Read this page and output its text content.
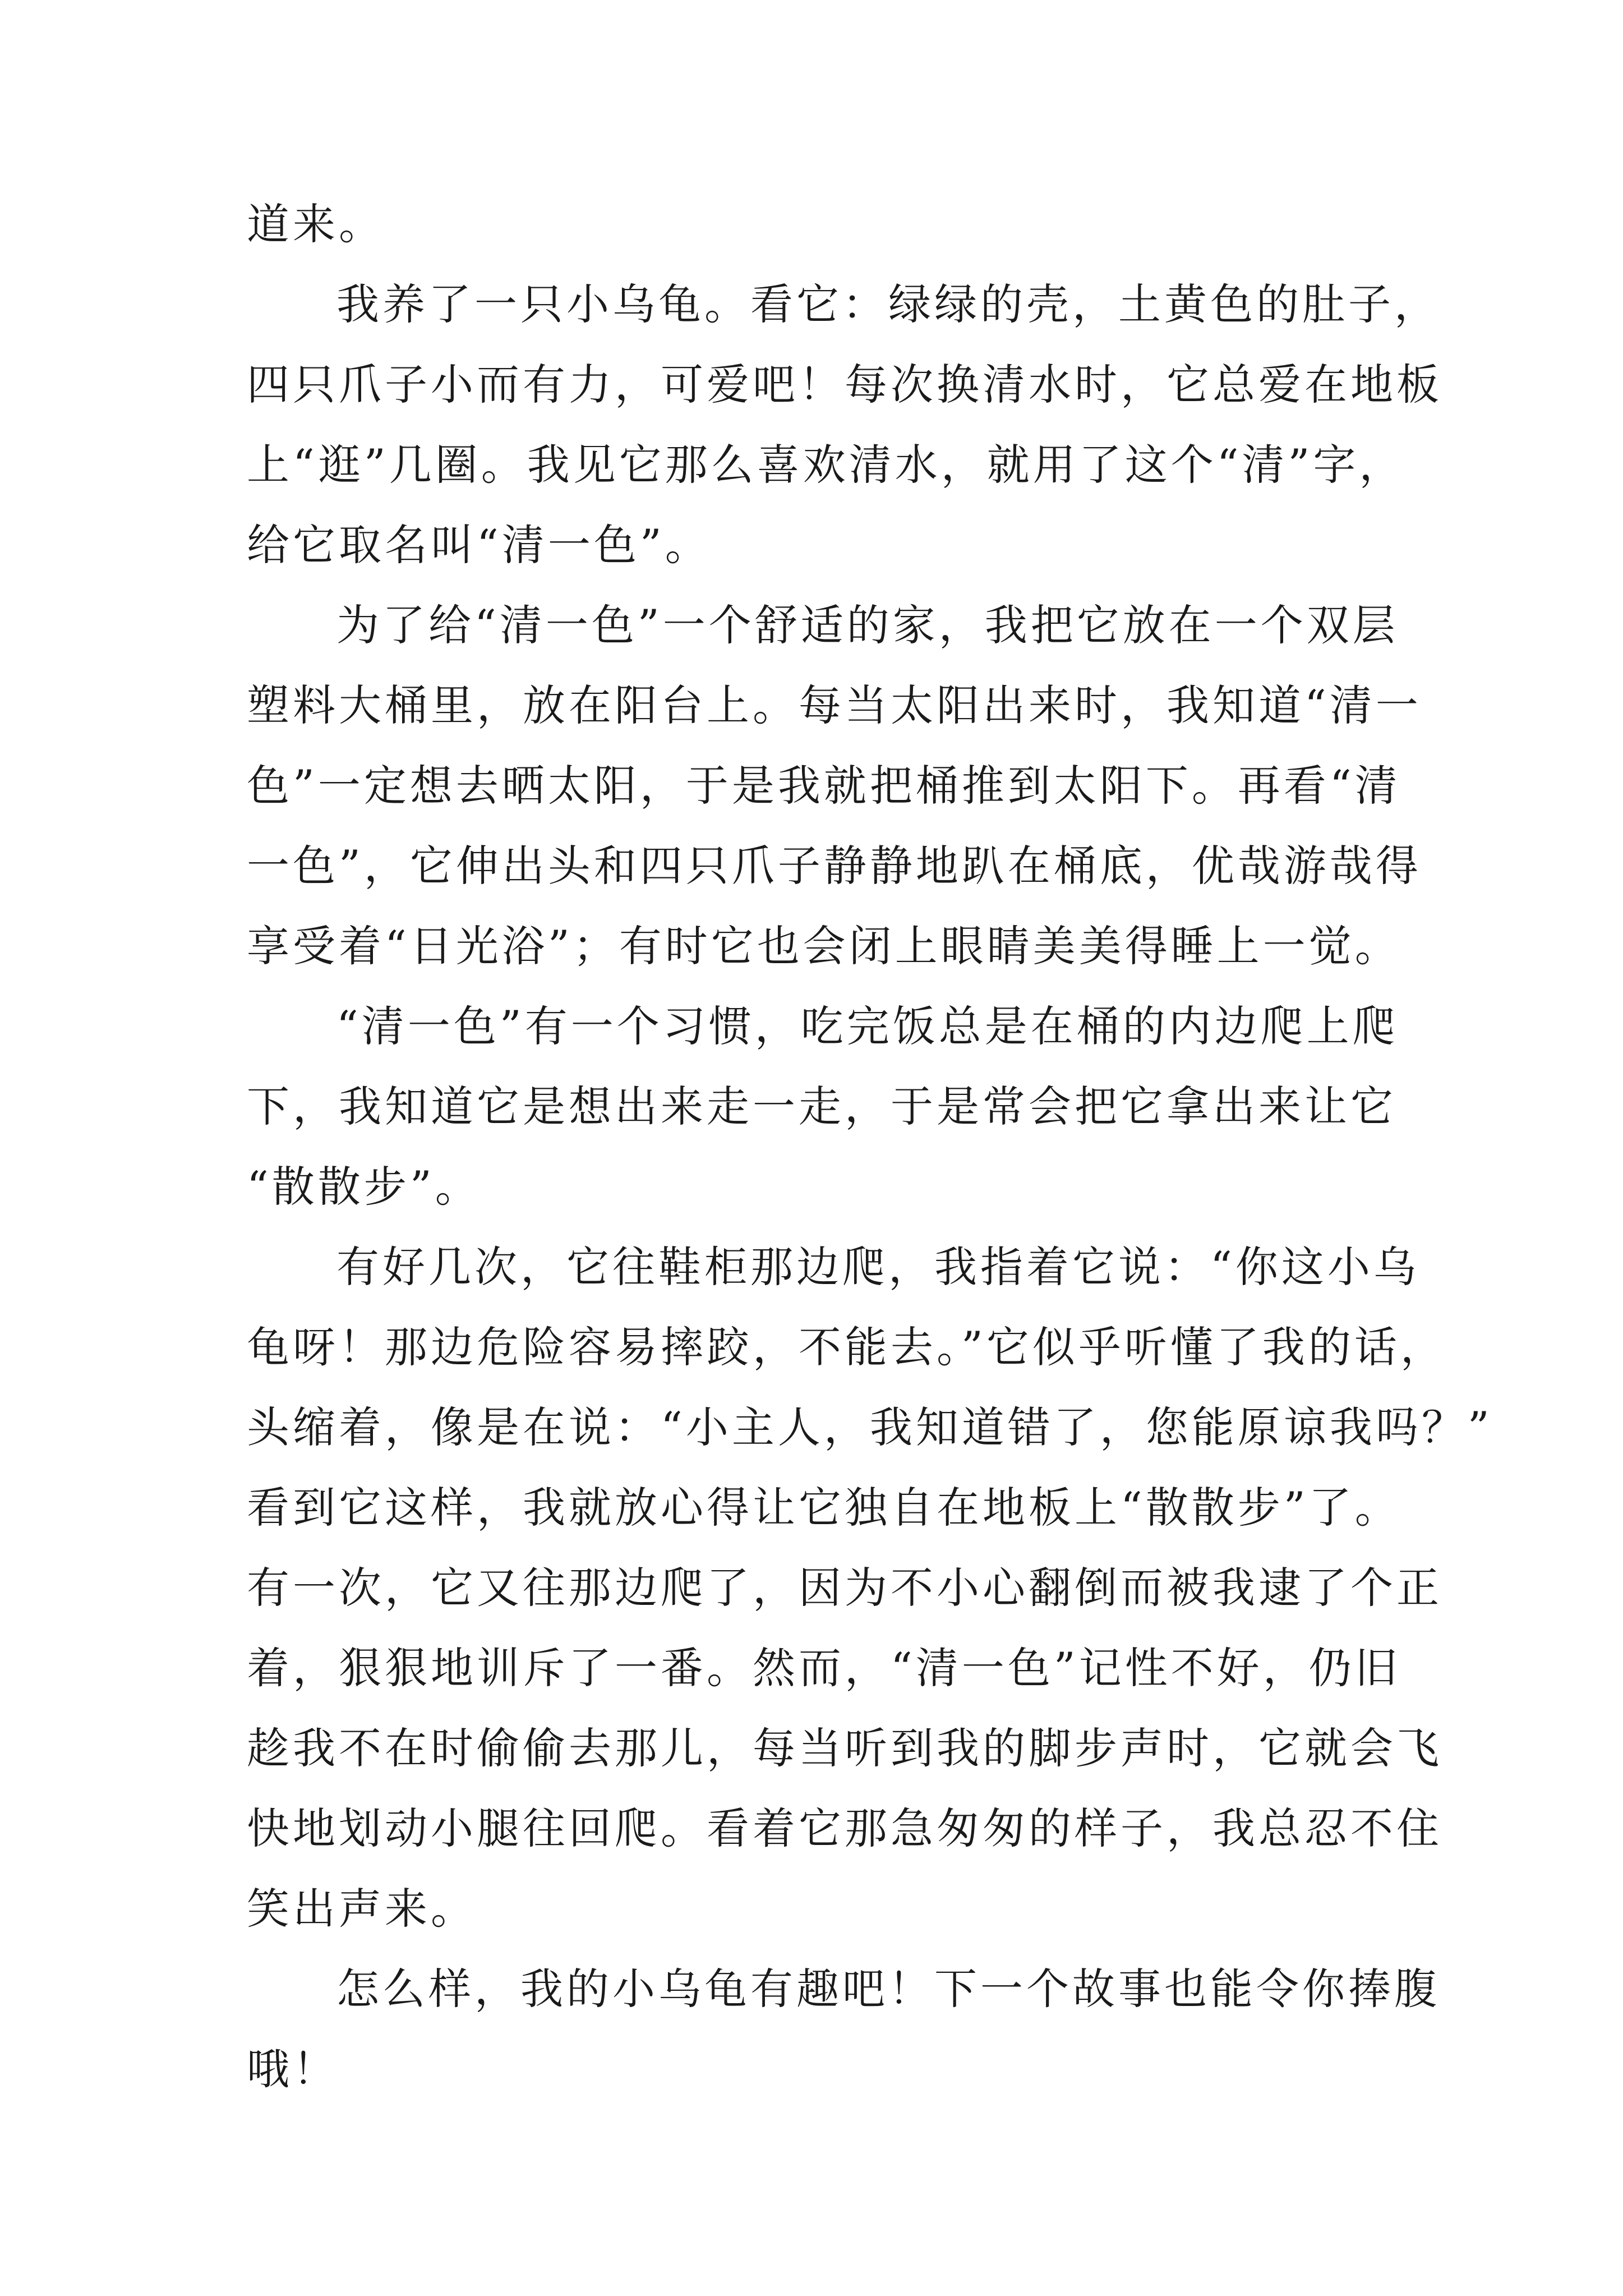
道来。
我养了一只小乌龟。看它：绿绿的壳，土黄色的肚子，
四只爪子小而有力，可爱吧！每次换清水时，它总爱在地板
上“逛”几圈。我见它那么喜欢清水，就用了这个“清”字，
给它取名叫“清一色”。
为了给“清一色”一个舒适的家，我把它放在一个双层
塑料大桶里，放在阳台上。每当太阳出来时，我知道“清一
色”一定想去晒太阳，于是我就把桶推到太阳下。再看“清
一色”，它伸出头和四只爪子静静地趴在桶底，优哉游哉得
享受着“日光浴”；有时它也会闭上眼睛美美得睡上一觉。
“清一色”有一个习惯，吃完饭总是在桶的内边爬上爬
下，我知道它是想出来走一走，于是常会把它拿出来让它
“散散步”。
有好几次，它往鞋柜那边爬，我指着它说：“你这小乌
龟呀！那边危险容易摔跤，不能去。”它似乎听懂了我的话，
头缩着，像是在说：“小主人，我知道错了，您能原谅我吗？”
看到它这样，我就放心得让它独自在地板上“散散步”了。
有一次，它又往那边爬了，因为不小心翻倒而被我逮了个正
着，狠狠地训斥了一番。然而，“清一色”记性不好，仍旧
趁我不在时偷偷去那儿，每当听到我的脚步声时，它就会飞
快地划动小腿往回爬。看着它那急匆匆的样子，我总忍不住
笑出声来。
怎么样，我的小乌龟有趣吧！下一个故事也能令你捧腹
哦！
